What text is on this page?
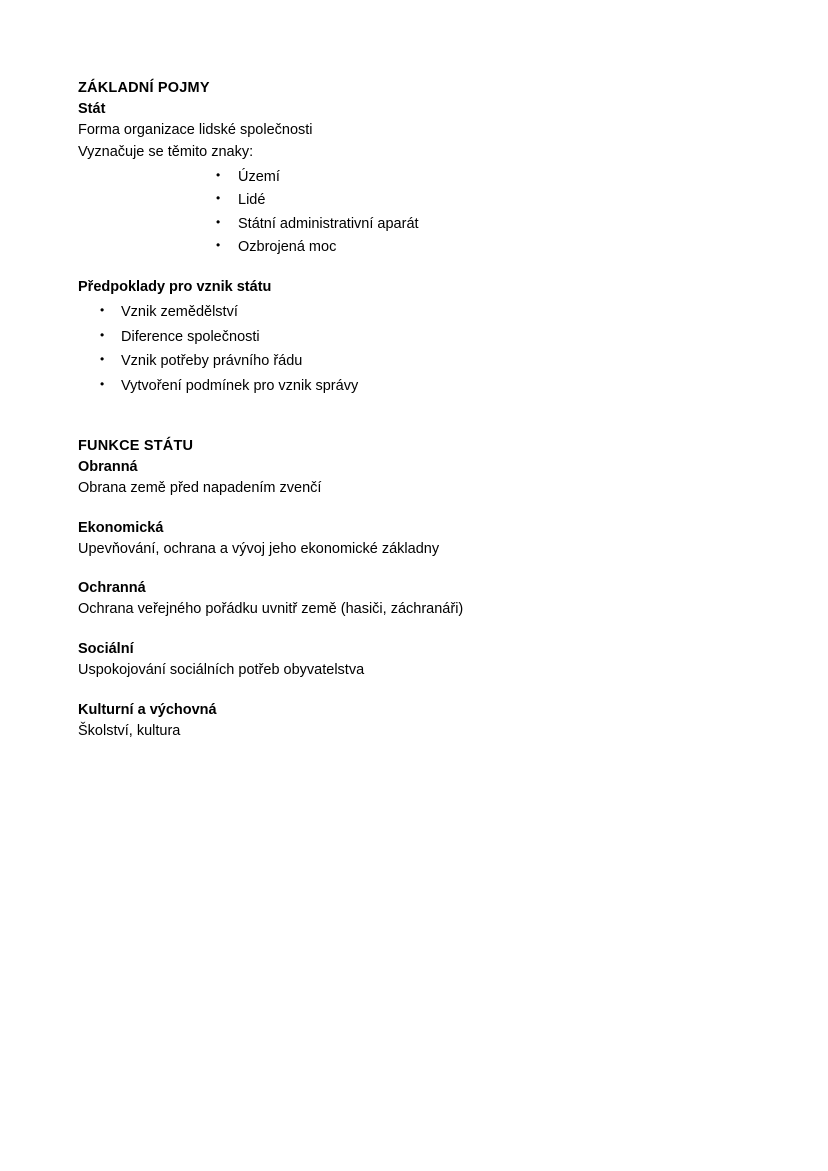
ZÁKLADNÍ POJMY
Stát

Forma organizace lidské společnosti

Vyznačuje se těmito znaky:

• Území
• Lidé
• Státní administrativní aparát
• Ozbrojená moc
Předpoklady pro vznik státu
• Vznik zemědělství
• Diference společnosti
• Vznik potřeby právního řádu
• Vytvoření podmínek pro vznik správy
FUNKCE STÁTU
Obranná

Obrana země před napadením zvenčí

Ekonomická

Upevňování, ochrana a vývoj jeho ekonomické základny

Ochranná

Ochrana veřejného pořádku uvnitř země (hasiči, záchranáři)

Sociální

Uspokojování sociálních potřeb obyvatelstva

Kulturní a výchovná

Školství, kultura
